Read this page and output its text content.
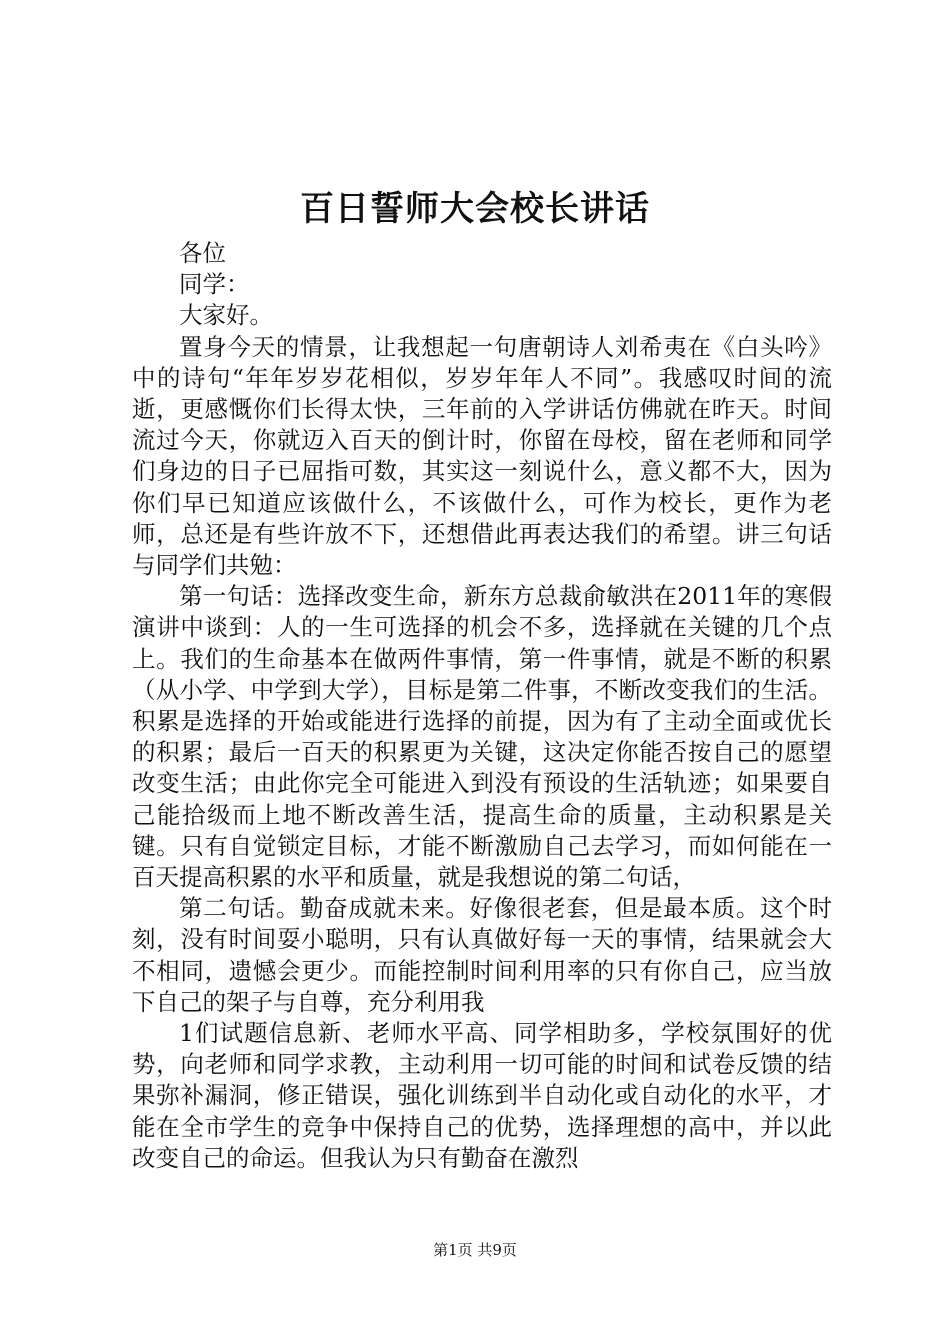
百日誓师大会校长讲话

各位

同学：

大家好。

置身今天的情景，让我想起一句唐朝诗人刘希夷在《白头吟》中的诗句“年年岁岁花相似，岁岁年年人不同”。我感叹时间的流逝，更感慨你们长得太快，三年前的入学讲话仿佛就在昨天。时间流过今天，你就迈入百天的倒计时，你留在母校，留在老师和同学们身边的日子已屈指可数，其实这一刻说什么，意义都不大，因为你们早已知道应该做什么，不该做什么，可作为校长，更作为老师，总还是有些许放不下，还想借此再表达我们的希望。讲三句话与同学们共勉：

第一句话：选择改变生命，新东方总裁俞敏洪在2011年的寒假演讲中谈到：人的一生可选择的机会不多，选择就在关键的几个点上。我们的生命基本在做两件事情，第一件事情，就是不断的积累（从小学、中学到大学），目标是第二件事，不断改变我们的生活。积累是选择的开始或能进行选择的前提，因为有了主动全面或优长的积累；最后一百天的积累更为关键，这决定你能否按自己的愿望改变生活；由此你完全可能进入到没有预设的生活轨迹；如果要自己能拾级而上地不断改善生活，提高生命的质量，主动积累是关键。只有自觉锁定目标，才能不断激励自己去学习，而如何能在一百天提高积累的水平和质量，就是我想说的第二句话，

第二句话。勤奋成就未来。好像很老套，但是最本质。这个时刻，没有时间耍小聪明，只有认真做好每一天的事情，结果就会大不相同，遗憾会更少。而能控制时间利用率的只有你自己，应当放下自己的架子与自尊，充分利用我

1们试题信息新、老师水平高、同学相助多，学校氛围好的优势，向老师和同学求教，主动利用一切可能的时间和试卷反馈的结果弥补漏洞，修正错误，强化训练到半自动化或自动化的水平，才能在全市学生的竞争中保持自己的优势，选择理想的高中，并以此改变自己的命运。但我认为只有勤奋在激烈

第1页 共9页
